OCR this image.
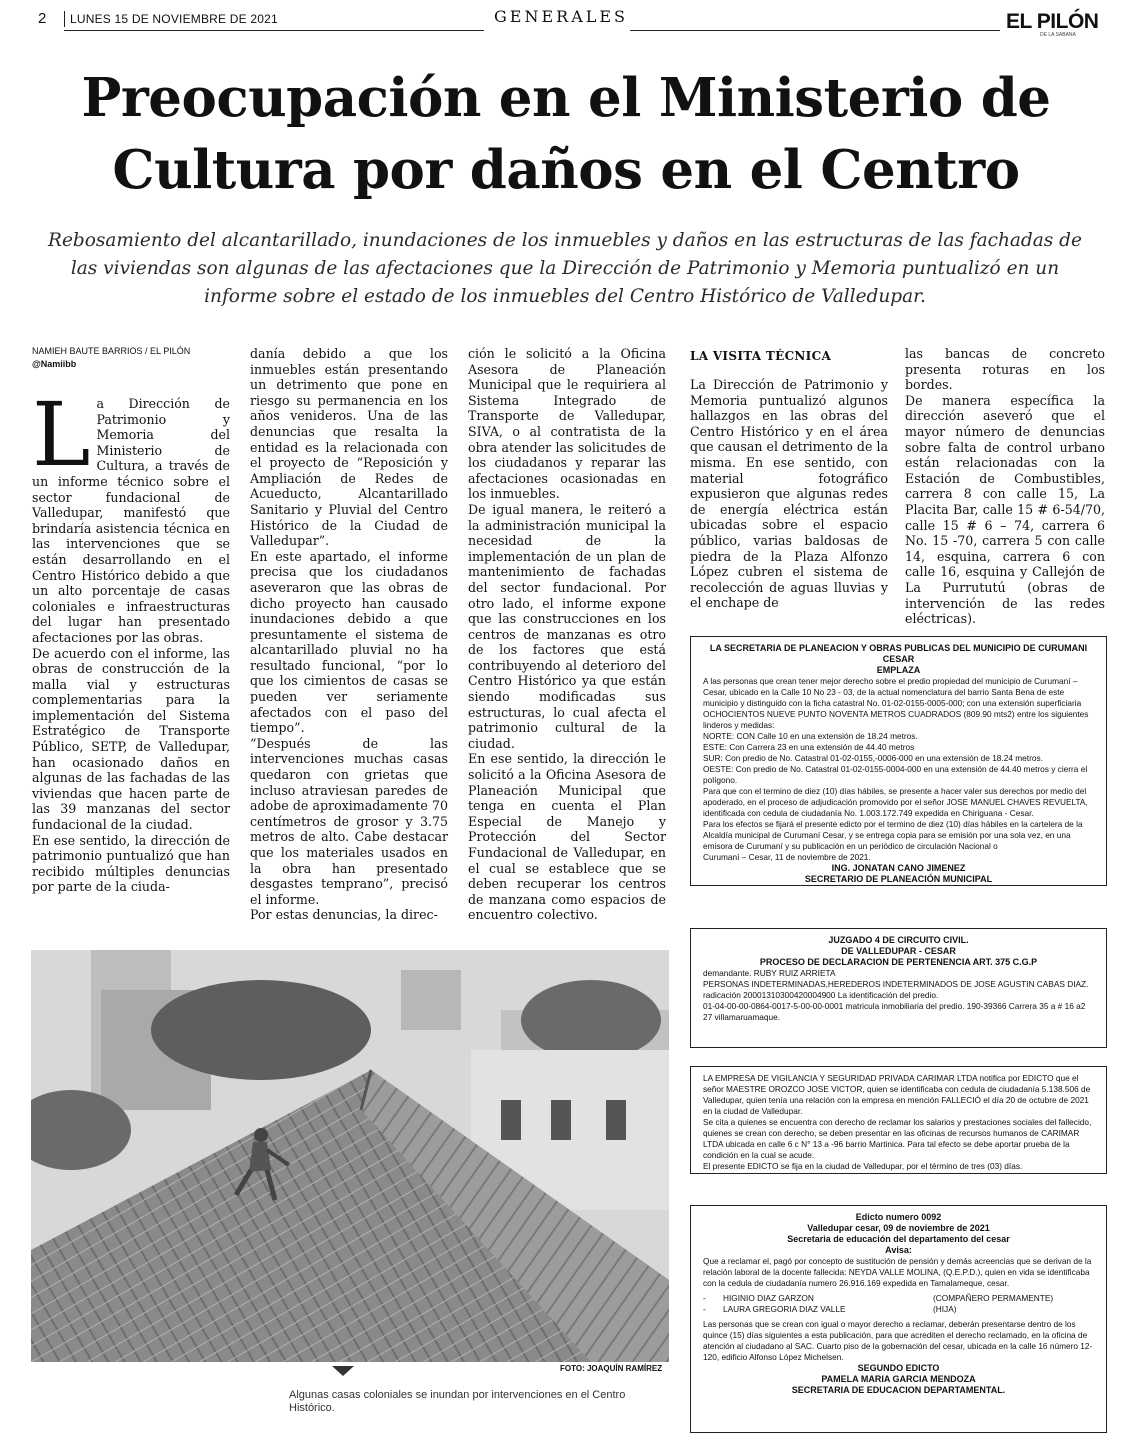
2 LUNES 15 DE NOVIEMBRE DE 2021	GENERALES	EL PILÓN
DE LA SABANA
Preocupación en el Ministerio de Cultura por daños en el Centro
Rebosamiento del alcantarillado, inundaciones de los inmuebles y daños en las estructuras de las fachadas de las viviendas son algunas de las afectaciones que la Dirección de Patrimonio y Memoria puntualizó en un informe sobre el estado de los inmuebles del Centro Histórico de Valledupar.
NAMIEH BAUTE BARRIOS / EL PILÓN
@Namiibb

La Dirección de Patrimonio y Memoria del Ministerio de Cultura, a través de un informe técnico sobre el sector fundacional de Valledupar, manifestó que brindaría asistencia técnica en las intervenciones que se están desarrollando en el Centro Histórico debido a que un alto porcentaje de casas coloniales e infraestructuras del lugar han presentado afectaciones por las obras.

De acuerdo con el informe, las obras de construcción de la malla vial y estructuras complementarias para la implementación del Sistema Estratégico de Transporte Público, SETP, de Valledupar, han ocasionado daños en algunas de las fachadas de las viviendas que hacen parte de las 39 manzanas del sector fundacional de la ciudad.

En ese sentido, la dirección de patrimonio puntualizó que han recibido múltiples denuncias por parte de la ciuda-

danía debido a que los inmuebles están presentando un detrimento que pone en riesgo su permanencia en los años venideros. Una de las denuncias que resalta la entidad es la relacionada con el proyecto de “Reposición y Ampliación de Redes de Acueducto, Alcantarillado Sanitario y Pluvial del Centro Histórico de la Ciudad de Valledupar”.

En este apartado, el informe precisa que los ciudadanos aseveraron que las obras de dicho proyecto han causado inundaciones debido a que presuntamente el sistema de alcantarillado pluvial no ha resultado funcional, “por lo que los cimientos de casas se pueden ver seriamente afectados con el paso del tiempo”.

“Después de las intervenciones muchas casas quedaron con grietas que incluso atraviesan paredes de adobe de aproximadamente 70 centímetros de grosor y 3.75 metros de alto. Cabe destacar que los materiales usados en la obra han presentado desgastes temprano”, precisó el informe.

Por estas denuncias, la direc-

ción le solicitó a la Oficina Asesora de Planeación Municipal que le requiriera al Sistema Integrado de Transporte de Valledupar, SIVA, o al contratista de la obra atender las solicitudes de los ciudadanos y reparar las afectaciones ocasionadas en los inmuebles.

De igual manera, le reiteró a la administración municipal la necesidad de la implementación de un plan de mantenimiento de fachadas del sector fundacional. Por otro lado, el informe expone que las construcciones en los centros de manzanas es otro de los factores que está contribuyendo al deterioro del Centro Histórico ya que están siendo modificadas sus estructuras, lo cual afecta el patrimonio cultural de la ciudad.

En ese sentido, la dirección le solicitó a la Oficina Asesora de Planeación Municipal que tenga en cuenta el Plan Especial de Manejo y Protección del Sector Fundacional de Valledupar, en el cual se establece que se deben recuperar los centros de manzana como espacios de encuentro colectivo.

LA VISITA TÉCNICA

La Dirección de Patrimonio y Memoria puntualizó algunos hallazgos en las obras del Centro Histórico y en el área que causan el detrimento de la misma. En ese sentido, con material fotográfico expusieron que algunas redes de energía eléctrica están ubicadas sobre el espacio público, varias baldosas de piedra de la Plaza Alfonzo López cubren el sistema de recolección de aguas lluvias y el enchape de

las bancas de concreto presenta roturas en los bordes.

De manera específica la dirección aseveró que el mayor número de denuncias sobre falta de control urbano están relacionadas con la Estación de Combustibles, carrera 8 con calle 15, La Placita Bar, calle 15 # 6-54/70, calle 15 # 6 – 74, carrera 6 No. 15 -70, carrera 5 con calle 14, esquina, carrera 6 con calle 16, esquina y Callejón de La Purrututú (obras de intervención de las redes eléctricas).

LA SECRETARIA DE PLANEACION Y OBRAS PUBLICAS DEL MUNICIPIO DE CURUMANI CESAR
EMPLAZA

A las personas que crean tener mejor derecho sobre el predio propiedad del municipio de Curumaní – Cesar, ubicado en la Calle 10 No 23 - 03, de la actual nomenclatura del barrio Santa Bena de este municipio y distinguido con la ficha catastral No. 01-02-0155-0005-000; con una extensión superficiaria OCHOCIENTOS NUEVE PUNTO NOVENTA METROS CUADRADOS (809.90 mts2) entre los siguientes linderos y medidas:

NORTE: CON Calle 10 en una extensión de 18.24 metros.

ESTE: Con Carrera 23 en una extensión de 44.40 metros

SUR: Con predio de No. Catastral 01-02-0155,-0006-000 en una extensión de 18.24 metros.

OESTE: Con predio de No. Catastral 01-02-0155-0004-000 en una extensión de 44.40 metros y cierra el polígono.

Para que con el termino de diez (10) días hábiles, se presente a hacer valer sus derechos por medio del apoderado, en el proceso de adjudicación promovido por el señor JOSE MANUEL CHAVES REVUELTA, identificada con cedula de ciudadanía No. 1.003.172.749 expedida en Chiriguana - Cesar.

Para los efectos se fijará el presente edicto por el termino de diez (10) días hábiles en la cartelera de la Alcaldía municipal de Curumaní Cesar, y se entrega copia para se emisión por una sola vez, en una emisora de Curumaní y su publicación en un periódico de circulación Nacional o

Curumaní – Cesar, 11 de noviembre de 2021.

ING. JONATAN CANO JIMENEZ
SECRETARIO DE PLANEACIÓN MUNICIPAL
JUZGADO 4 DE CIRCUITO CIVIL.
DE VALLEDUPAR - CESAR
PROCESO DE DECLARACION DE PERTENENCIA ART. 375 C.G.P

demandante. RUBY RUIZ ARRIETA

PERSONAS INDETERMINADAS,HEREDEROS INDETERMINADOS DE JOSE AGUSTIN CABAS DIAZ.

radicación 20001310300420004900 La identificación del predio.

01-04-00-00-0864-0017-5-00-00-0001 matricula inmobiliaria del predio. 190-39366 Carrera 35 a # 16 a2 27 villamaruamaque.

LA EMPRESA DE VIGILANCIA Y SEGURIDAD PRIVADA CARIMAR LTDA notifica por EDICTO que el señor MAESTRE OROZCO JOSE VICTOR, quien se identificaba con cedula de ciudadanía 5.138.506 de Valledupar, quien tenía una relación con la empresa en mención FALLECIÓ el día 20 de octubre de 2021 en la ciudad de Valledupar.

Se cita a quienes se encuentra con derecho de reclamar los salarios y prestaciones sociales del fallecido, quienes se crean con derecho, se deben presentar en las oficinas de recursos humanos de CARIMAR LTDA ubicada en calle 6 c N° 13 a -96 barrio Martinica. Para tal efecto se debe aportar prueba de la condición en la cual se acude.

El presente EDICTO se fija en la ciudad de Valledupar, por el término de tres (03) días.

Edicto numero 0092
Valledupar cesar, 09 de noviembre de 2021
Secretaria de educación del departamento del cesar
Avisa:

Que a reclamar el, pagó por concepto de sustitución de pensión y demás acreencias que se derivan de la relación laboral de la docente fallecida: NEYDA VALLE MOLINA, (Q.E.P.D.), quien en vida se identificaba con la cedula de ciudadanía numero 26.916.169 expedida en Tamalameque, cesar.

-	HIGINIO DIAZ GARZON	(COMPAÑERO PERMAMENTE)
-	LAURA GREGORIA DIAZ VALLE	(HIJA)

Las personas que se crean con igual o mayor derecho a reclamar, deberán presentarse dentro de los quince (15) días siguientes a esta publicación, para que acrediten el derecho reclamado, en la oficina de atención al ciudadano al SAC. Cuarto piso de la gobernación del cesar, ubicada en la calle 16 número 12-120, edificio Alfonso López Michelsen.

SEGUNDO EDICTO
PAMELA MARIA GARCIA MENDOZA
SECRETARIA DE EDUCACION DEPARTAMENTAL.
FOTO: JOAQUÍN RAMÍREZ
Algunas casas coloniales se inundan por intervenciones en el Centro Histórico.
